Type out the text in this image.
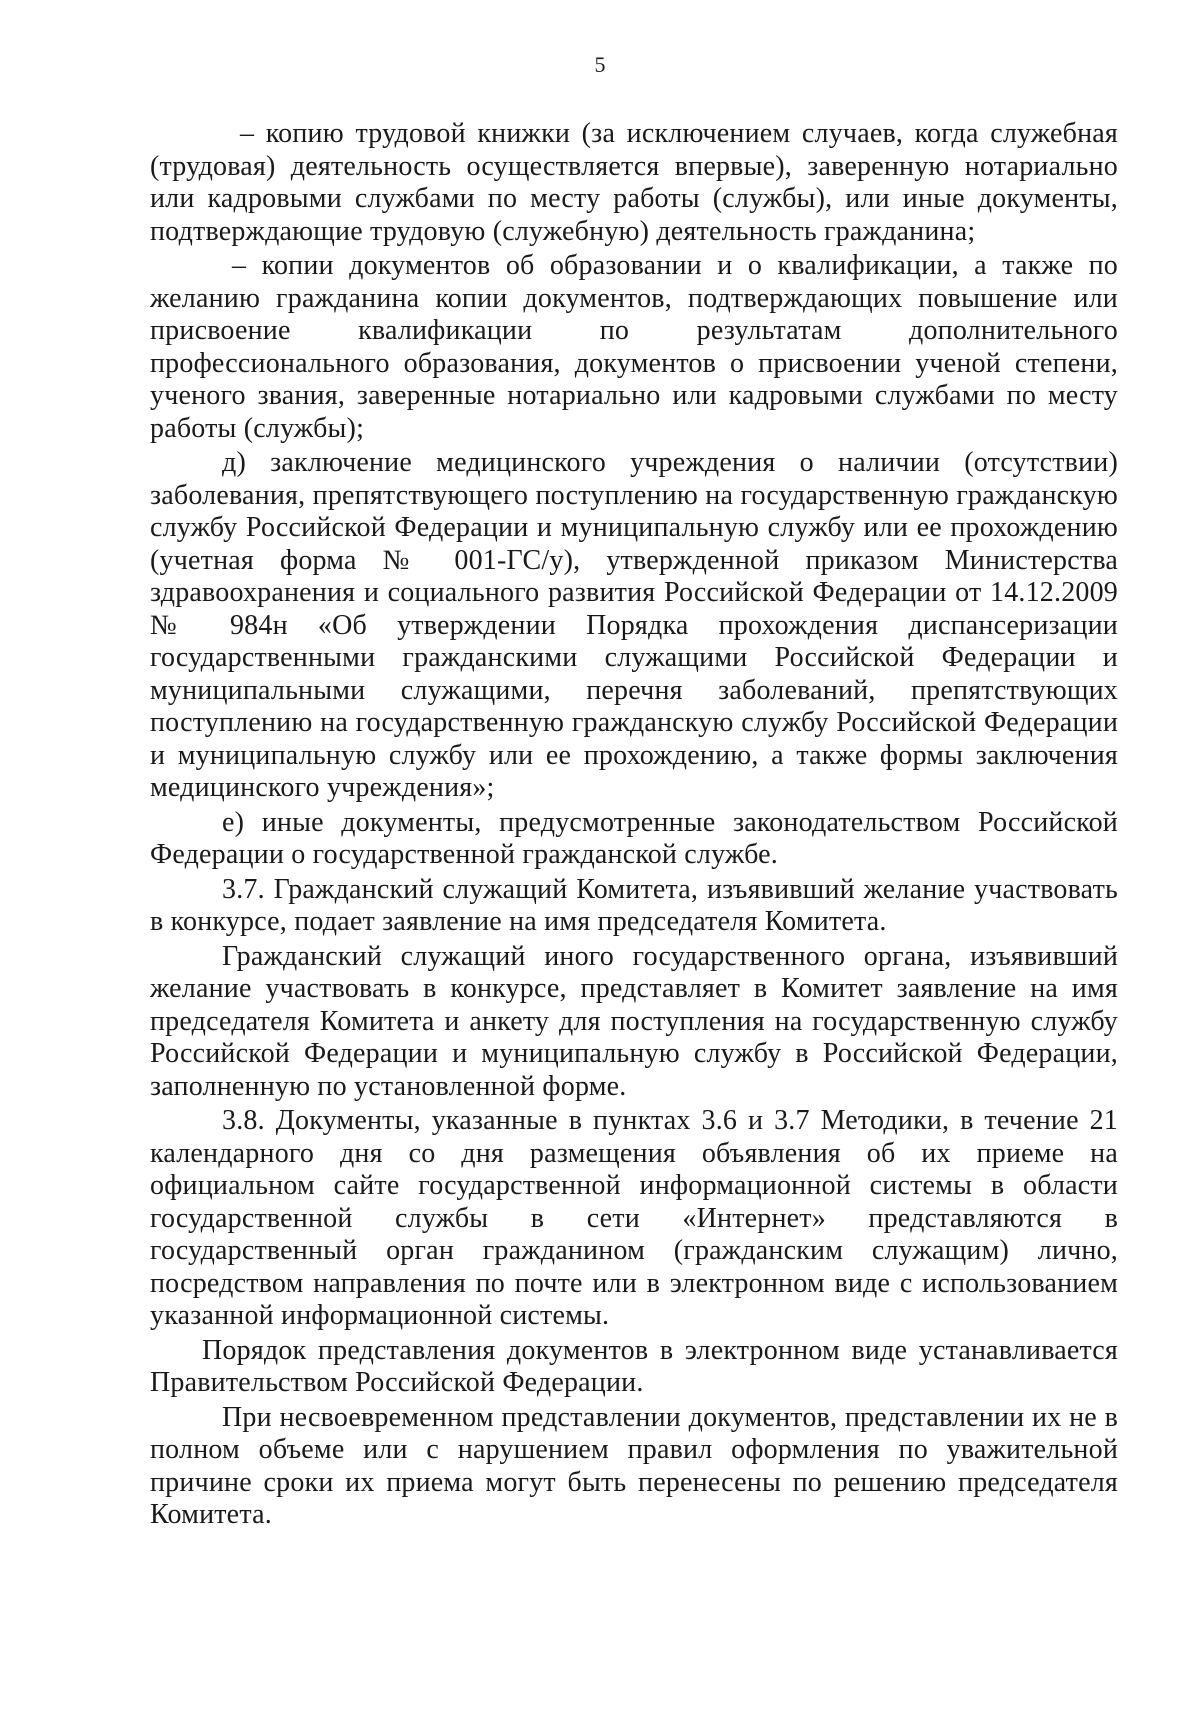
5

– копию трудовой книжки (за исключением случаев, когда служебная (трудовая) деятельность осуществляется впервые), заверенную нотариально или кадровыми службами по месту работы (службы), или иные документы, подтверждающие трудовую (служебную) деятельность гражданина;

– копии документов об образовании и о квалификации, а также по желанию гражданина копии документов, подтверждающих повышение или присвоение квалификации по результатам дополнительного профессионального образования, документов о присвоении ученой степени, ученого звания, заверенные нотариально или кадровыми службами по месту работы (службы);

д) заключение медицинского учреждения о наличии (отсутствии) заболевания, препятствующего поступлению на государственную гражданскую службу Российской Федерации и муниципальную службу или ее прохождению (учетная форма № 001-ГС/у), утвержденной приказом Министерства здравоохранения и социального развития Российской Федерации от 14.12.2009 № 984н «Об утверждении Порядка прохождения диспансеризации государственными гражданскими служащими Российской Федерации и муниципальными служащими, перечня заболеваний, препятствующих поступлению на государственную гражданскую службу Российской Федерации и муниципальную службу или ее прохождению, а также формы заключения медицинского учреждения»;

е) иные документы, предусмотренные законодательством Российской Федерации о государственной гражданской службе.

3.7. Гражданский служащий Комитета, изъявивший желание участвовать в конкурсе, подает заявление на имя председателя Комитета.

Гражданский служащий иного государственного органа, изъявивший желание участвовать в конкурсе, представляет в Комитет заявление на имя председателя Комитета и анкету для поступления на государственную службу Российской Федерации и муниципальную службу в Российской Федерации, заполненную по установленной форме.

3.8. Документы, указанные в пунктах 3.6 и 3.7 Методики, в течение 21 календарного дня со дня размещения объявления об их приеме на официальном сайте государственной информационной системы в области государственной службы в сети «Интернет» представляются в государственный орган гражданином (гражданским служащим) лично, посредством направления по почте или в электронном виде с использованием указанной информационной системы.

Порядок представления документов в электронном виде устанавливается Правительством Российской Федерации.

При несвоевременном представлении документов, представлении их не в полном объеме или с нарушением правил оформления по уважительной причине сроки их приема могут быть перенесены по решению председателя Комитета.
